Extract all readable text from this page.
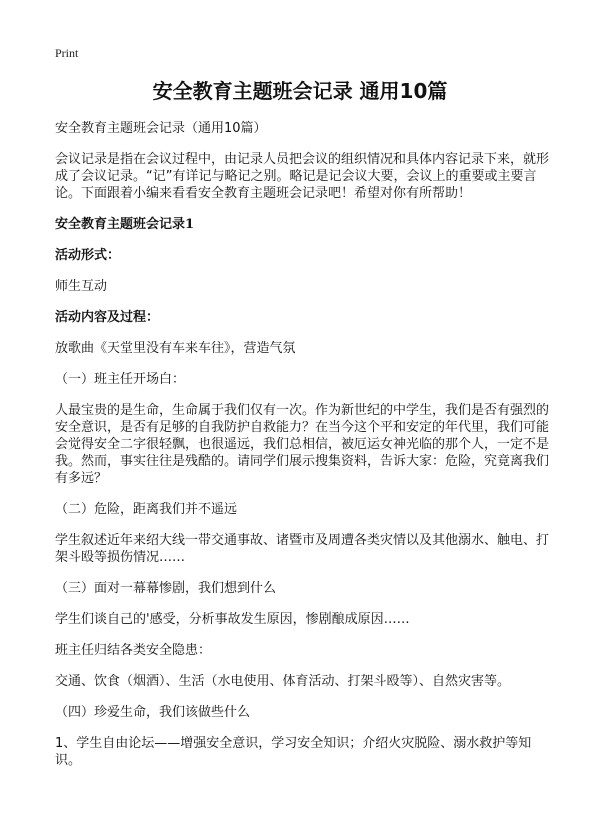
Print
安全教育主题班会记录 通用10篇

安全教育主题班会记录（通用10篇）

会议记录是指在会议过程中，由记录人员把会议的组织情况和具体内容记录下来，就形成了会议记录。“记”有详记与略记之别。略记是记会议大要，会议上的重要或主要言论。下面跟着小编来看看安全教育主题班会记录吧！希望对你有所帮助！

安全教育主题班会记录1

活动形式：

师生互动

活动内容及过程：

放歌曲《天堂里没有车来车往》，营造气氛

（一）班主任开场白：

人最宝贵的是生命，生命属于我们仅有一次。作为新世纪的中学生，我们是否有强烈的安全意识，是否有足够的自我防护自救能力？在当今这个平和安定的年代里，我们可能会觉得安全二字很轻飘，也很遥远，我们总相信，被厄运女神光临的那个人，一定不是我。然而，事实往往是残酷的。请同学们展示搜集资料，告诉大家：危险，究竟离我们有多远？

（二）危险，距离我们并不遥远

学生叙述近年来绍大线一带交通事故、诸暨市及周遭各类灾情以及其他溺水、触电、打架斗殴等损伤情况……

（三）面对一幕幕惨剧，我们想到什么

学生们谈自己的'感受，分析事故发生原因，惨剧酿成原因……

班主任归结各类安全隐患：

交通、饮食（烟酒）、生活（水电使用、体育活动、打架斗殴等）、自然灾害等。

（四）珍爱生命，我们该做些什么

1、学生自由论坛——增强安全意识，学习安全知识；介绍火灾脱险、溺水救护等知识。
